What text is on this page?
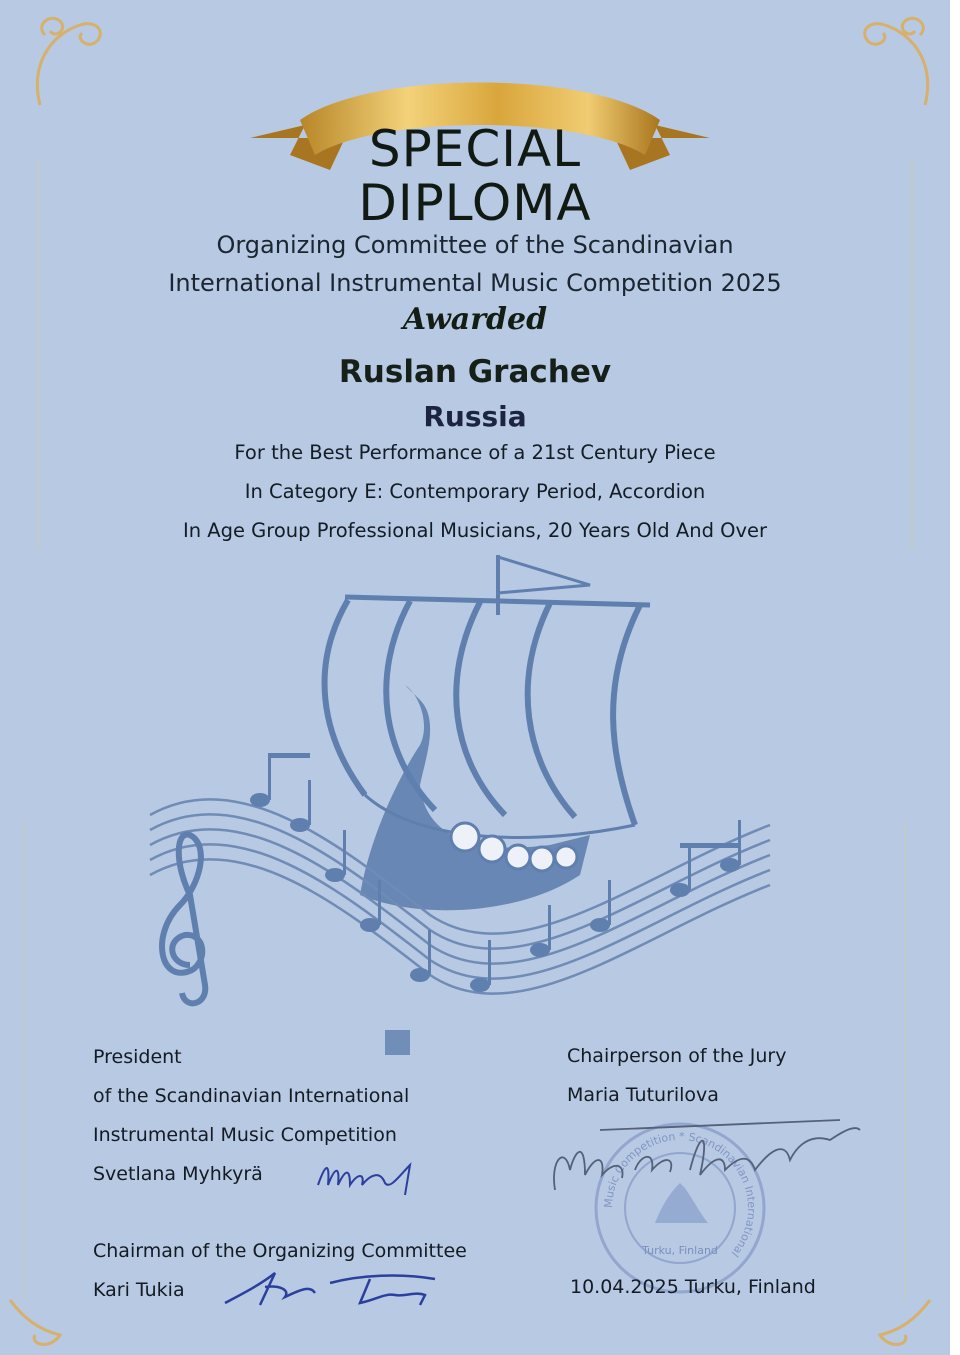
SPECIAL
DIPLOMA
Organizing Committee of the Scandinavian
International Instrumental Music Competition 2025
Awarded
Ruslan Grachev
Russia
For the Best Performance of a 21st Century Piece
In Category E: Contemporary Period, Accordion
In Age Group Professional Musicians, 20 Years Old And Over
President
of the Scandinavian International
Instrumental Music Competition
Svetlana Myhkyrä
Chairman of the Organizing Committee
Kari Tukia
Chairperson of the Jury
Maria Tuturilova
Music Competition * Scandinavian International
Turku, Finland
10.04.2025 Turku, Finland
